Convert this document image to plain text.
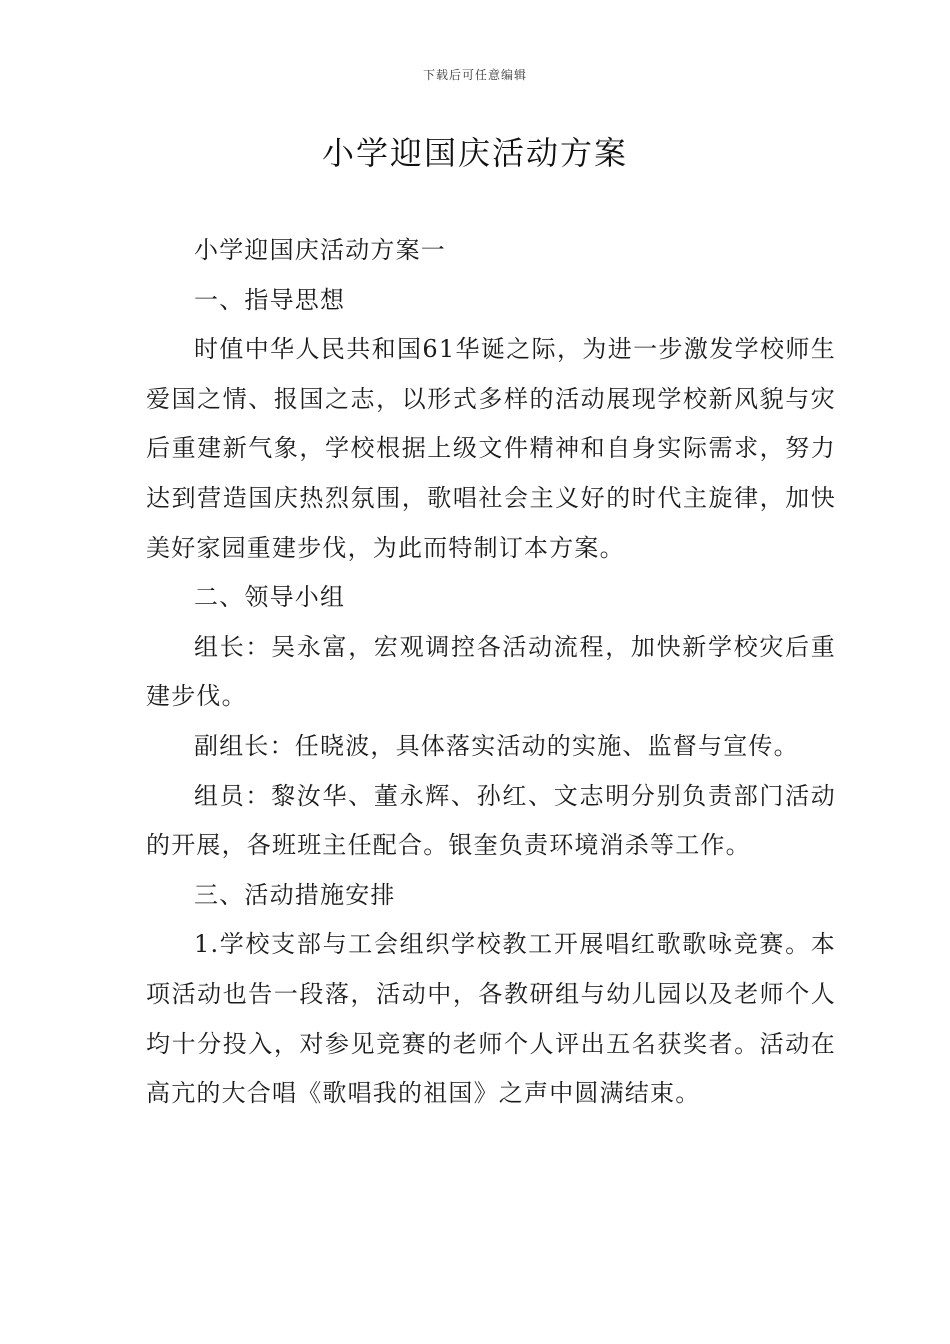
下载后可任意编辑
小学迎国庆活动方案

小学迎国庆活动方案一

一、指导思想

时值中华人民共和国61华诞之际，为进一步激发学校师生爱国之情、报国之志，以形式多样的活动展现学校新风貌与灾后重建新气象，学校根据上级文件精神和自身实际需求，努力达到营造国庆热烈氛围，歌唱社会主义好的时代主旋律，加快美好家园重建步伐，为此而特制订本方案。

二、领导小组

组长：吴永富，宏观调控各活动流程，加快新学校灾后重建步伐。

副组长：任晓波，具体落实活动的实施、监督与宣传。

组员：黎汝华、董永辉、孙红、文志明分别负责部门活动的开展，各班班主任配合。银奎负责环境消杀等工作。

三、活动措施安排

1.学校支部与工会组织学校教工开展唱红歌歌咏竞赛。本项活动也告一段落，活动中，各教研组与幼儿园以及老师个人均十分投入，对参见竞赛的老师个人评出五名获奖者。活动在高亢的大合唱《歌唱我的祖国》之声中圆满结束。
